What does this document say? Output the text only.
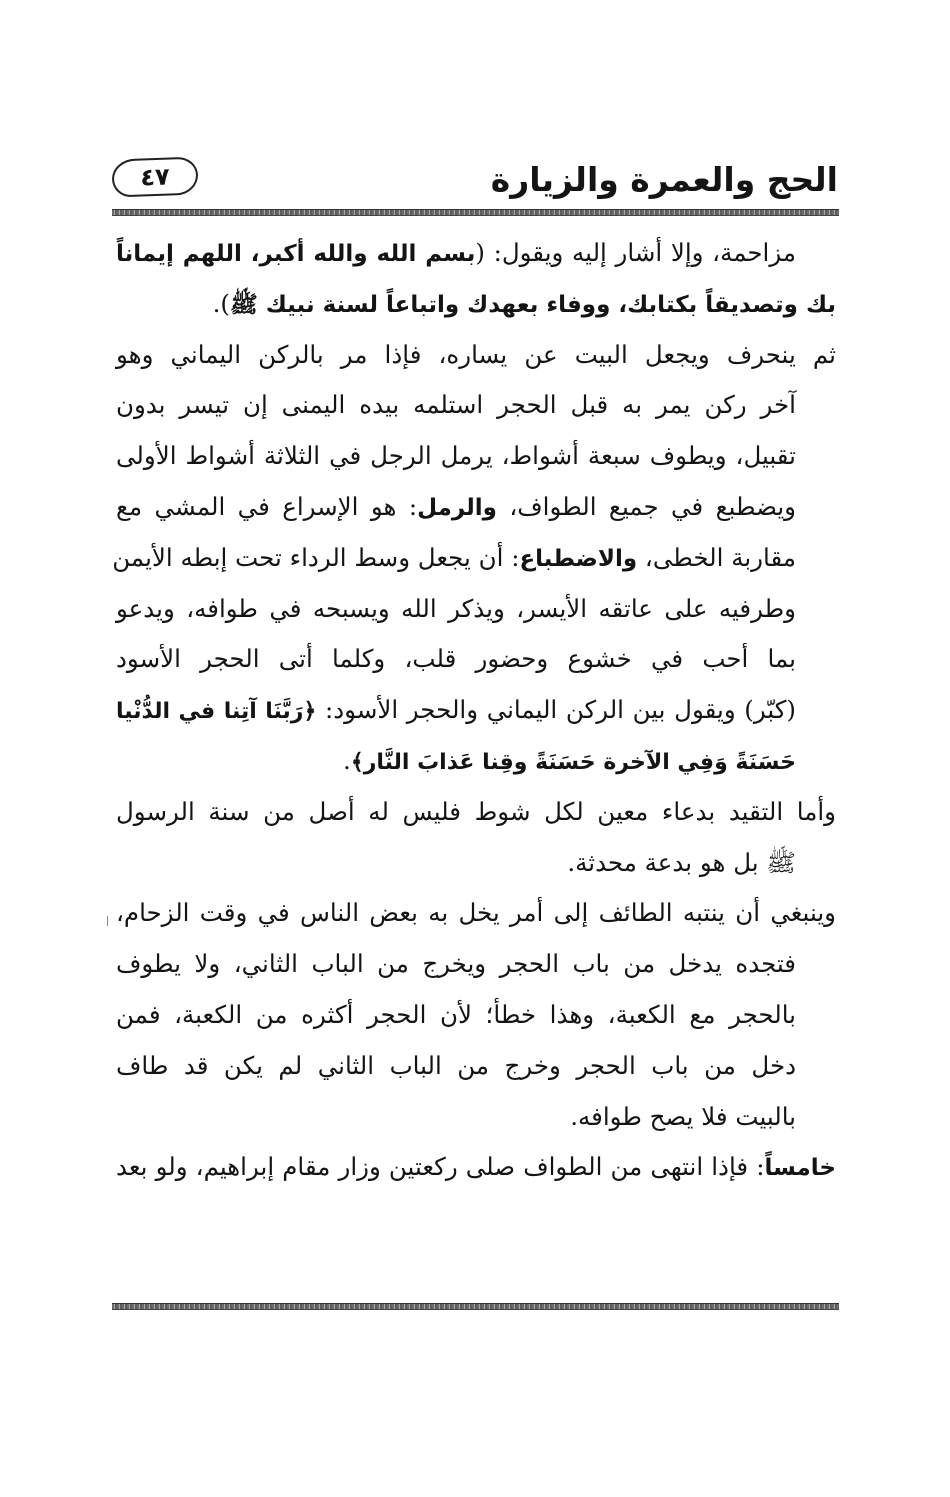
الحج والعمرة والزيارة
٤٧
مزاحمة، وإلا أشار إليه ويقول: (بسم الله والله أكبر، اللهم إيماناً
بك وتصديقاً بكتابك، ووفاء بعهدك واتباعاً لسنة نبيك ﷺ).
ثم ينحرف ويجعل البيت عن يساره، فإذا مر بالركن اليماني وهو
آخر ركن يمر به قبل الحجر استلمه بيده اليمنى إن تيسر بدون
تقبيل، ويطوف سبعة أشواط، يرمل الرجل في الثلاثة أشواط الأولى
ويضطبع في جميع الطواف، والرمل: هو الإسراع في المشي مع
مقاربة الخطى، والاضطباع: أن يجعل وسط الرداء تحت إبطه الأيمن
وطرفيه على عاتقه الأيسر، ويذكر الله ويسبحه في طوافه، ويدعو
بما أحب في خشوع وحضور قلب، وكلما أتى الحجر الأسود
(كبّر) ويقول بين الركن اليماني والحجر الأسود: ﴿رَبَّنَا آتِنا في الدُّنْيا
حَسَنَةً وَفِي الآخرة حَسَنَةً وقِنا عَذابَ النَّار﴾.
وأما التقيد بدعاء معين لكل شوط فليس له أصل من سنة الرسول
ﷺ بل هو بدعة محدثة.
وينبغي أن ينتبه الطائف إلى أمر يخل به بعض الناس في وقت الزحام،
فتجده يدخل من باب الحجر ويخرج من الباب الثاني، ولا يطوف
بالحجر مع الكعبة، وهذا خطأ؛ لأن الحجر أكثره من الكعبة، فمن
دخل من باب الحجر وخرج من الباب الثاني لم يكن قد طاف
بالبيت فلا يصح طوافه.
خامساً: فإذا انتهى من الطواف صلى ركعتين وزار مقام إبراهيم، ولو بعد
